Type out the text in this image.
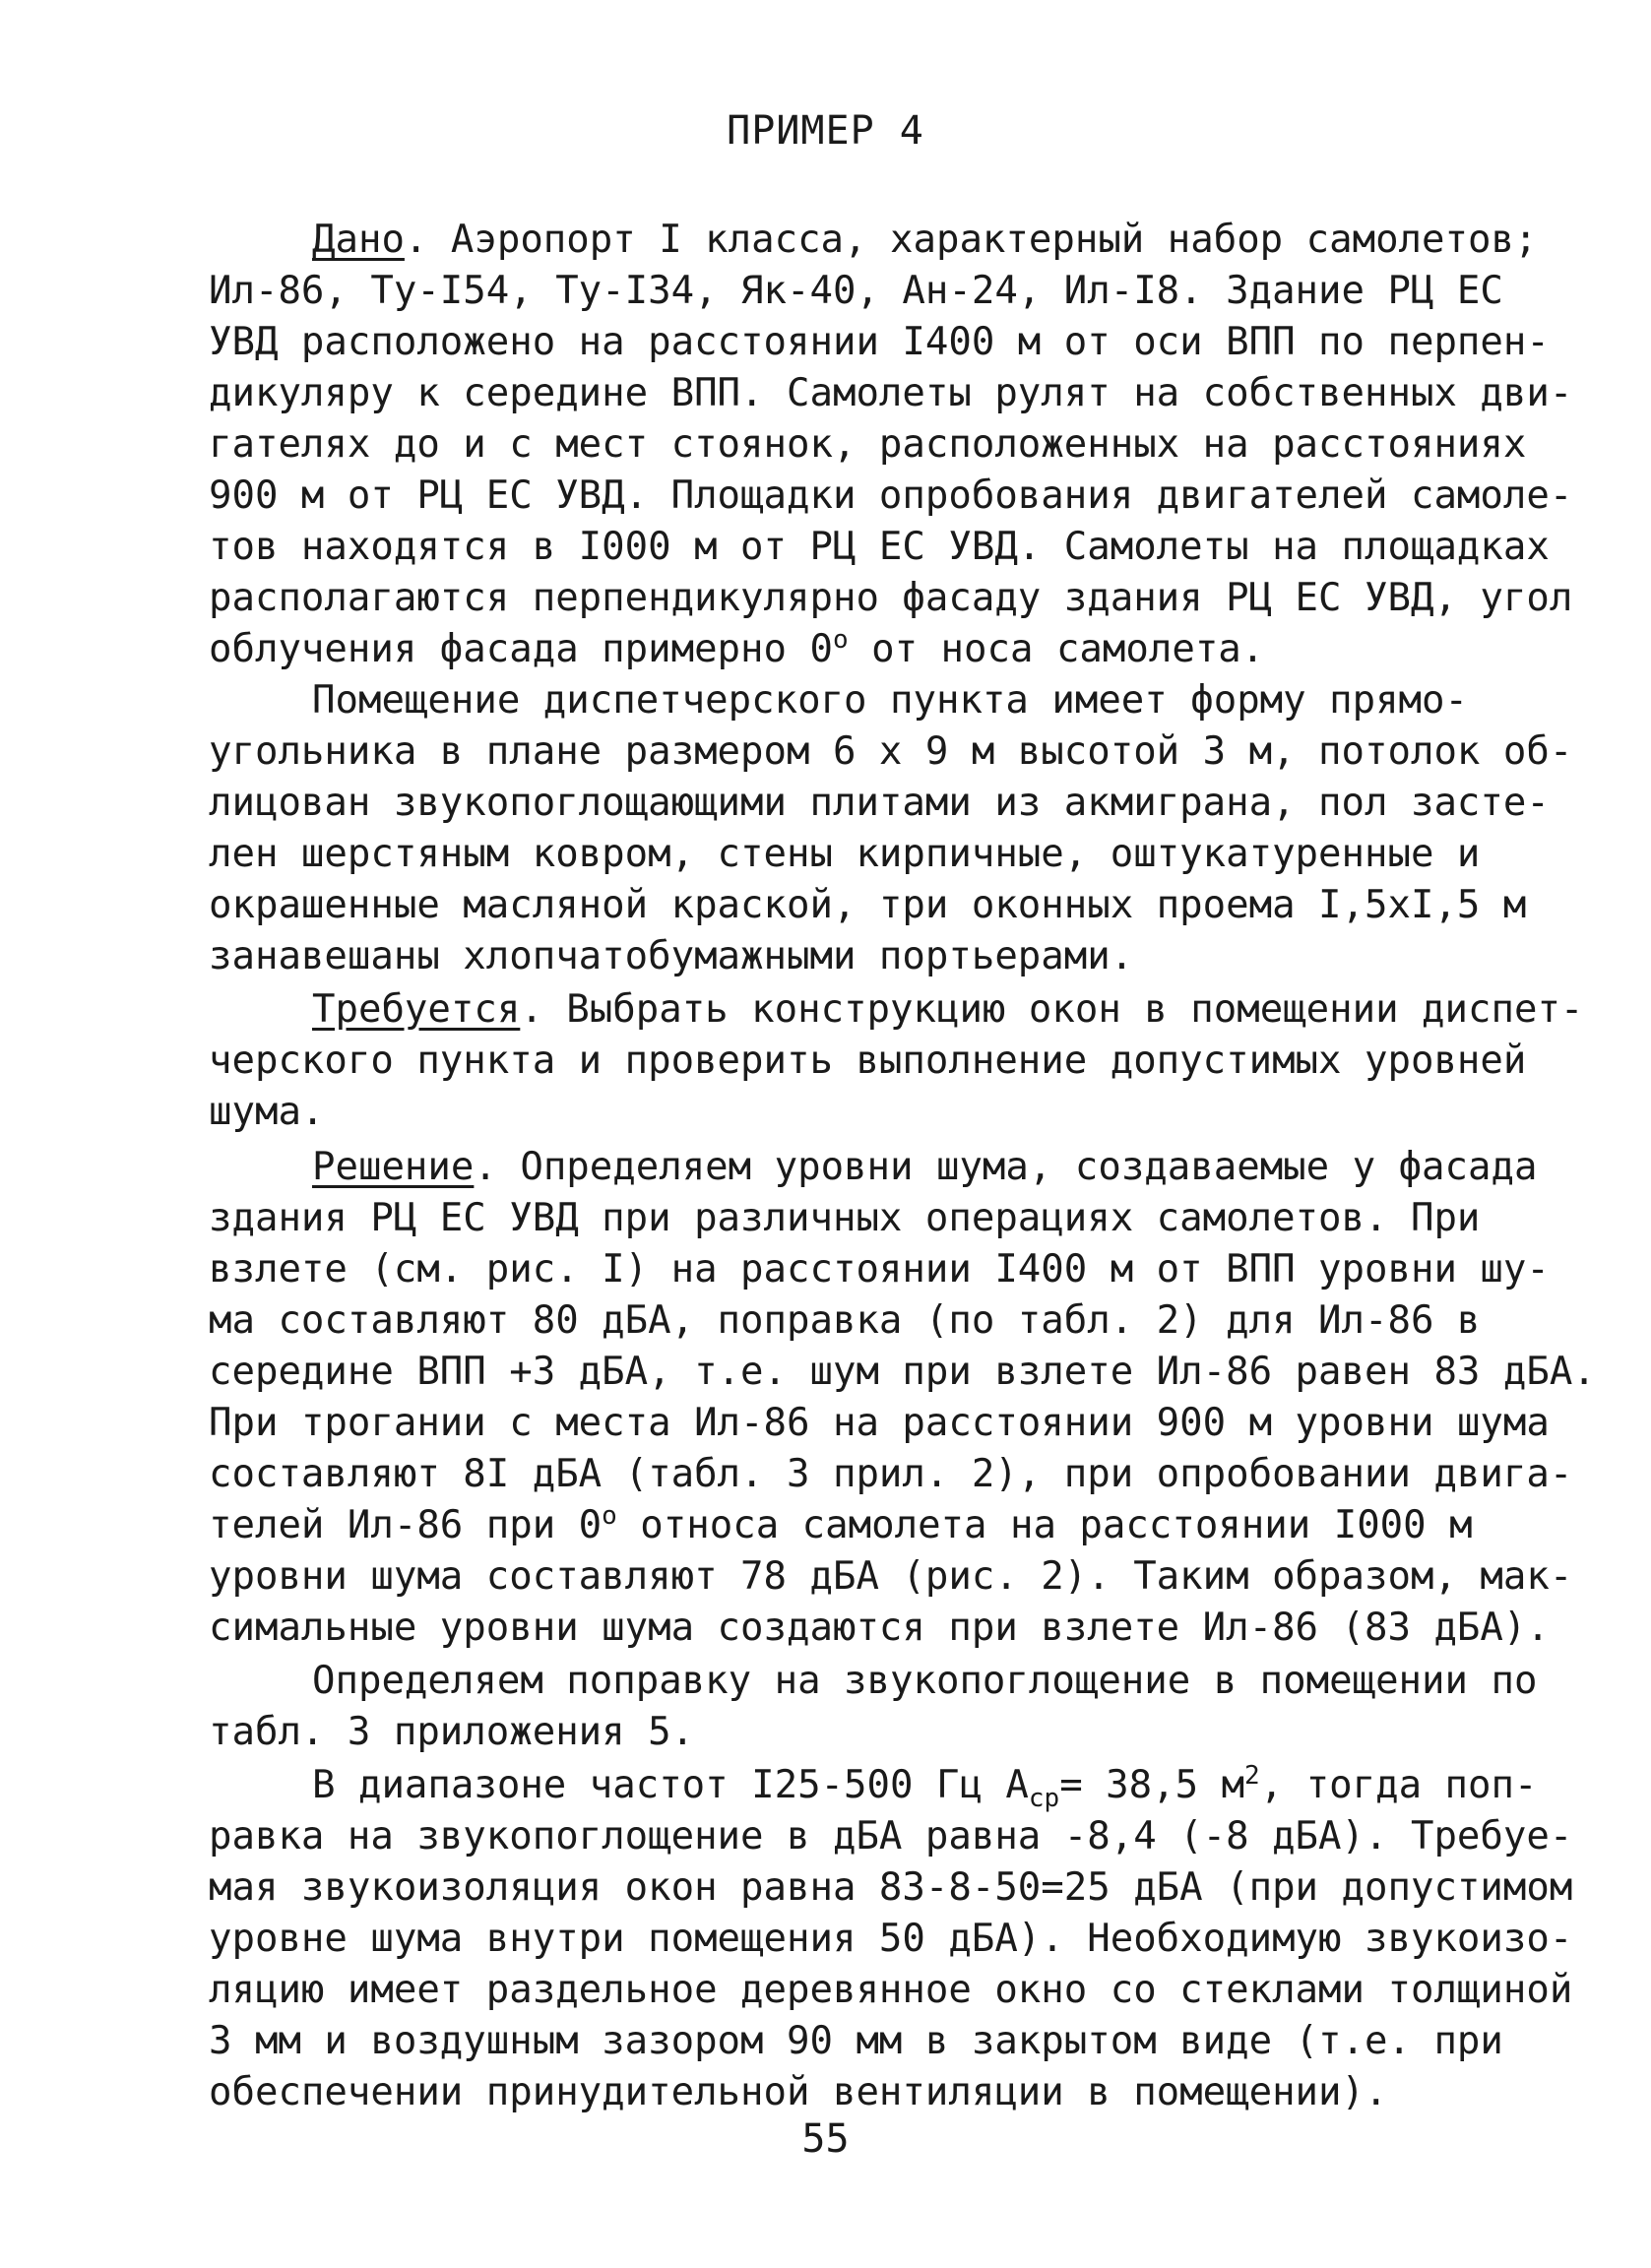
ПРИМЕР 4
Дано. Аэропорт I класса, характерный набор самолетов;
Ил-86, Ту-I54, Ту-I34, Як-40, Ан-24, Ил-I8. Здание РЦ ЕС
УВД расположено на расстоянии I400 м от оси ВПП по перпен-
дикуляру к середине ВПП. Самолеты рулят на собственных дви-
гателях до и с мест стоянок, расположенных на расстояниях
900 м от РЦ ЕС УВД. Площадки опробования двигателей самоле-
тов находятся в I000 м от РЦ ЕС УВД. Самолеты на площадках
располагаются перпендикулярно фасаду здания РЦ ЕС УВД, угол
облучения фасада примерно $0^о$ от носа самолета.
Помещение диспетчерского пункта имеет форму прямо-
угольника в плане размером 6 х 9 м высотой 3 м, потолок об-
лицован звукопоглощающими плитами из акмиграна, пол засте-
лен шерстяным ковром, стены кирпичные, оштукатуренные и
окрашенные масляной краской, три оконных проема I,5хI,5 м
занавешаны хлопчатобумажными портьерами.
Требуется. Выбрать конструкцию окон в помещении диспет-
черского пункта и проверить выполнение допустимых уровней
шума.
Решение. Определяем уровни шума, создаваемые у фасада
здания РЦ ЕС УВД при различных операциях самолетов. При
взлете (см. рис. I) на расстоянии I400 м от ВПП уровни шу-
ма составляют 80 дБА, поправка (по табл. 2) для Ил-86 в
середине ВПП +3 дБА, т.е. шум при взлете Ил-86 равен 83 дБА.
При трогании с места Ил-86 на расстоянии 900 м уровни шума
составляют 8I дБА (табл. 3 прил. 2), при опробовании двига-
телей Ил-86 при $0^о$ относа самолета на расстоянии I000 м
уровни шума составляют 78 дБА (рис. 2). Таким образом, мак-
симальные уровни шума создаются при взлете Ил-86 (83 дБА).
Определяем поправку на звукопоглощение в помещении по
табл. 3 приложения 5.
В диапазоне частот I25-500 Гц $А_{ср}= 38,5$ $м^2$, тогда поп-
равка на звукопоглощение в дБА равна -8,4 (-8 дБА). Требуе-
мая звукоизоляция окон равна 83-8-50=25 дБА (при допустимом
уровне шума внутри помещения 50 дБА). Необходимую звукоизо-
ляцию имеет раздельное деревянное окно со стеклами толщиной
3 мм и воздушным зазором 90 мм в закрытом виде (т.е. при
обеспечении принудительной вентиляции в помещении).
55
